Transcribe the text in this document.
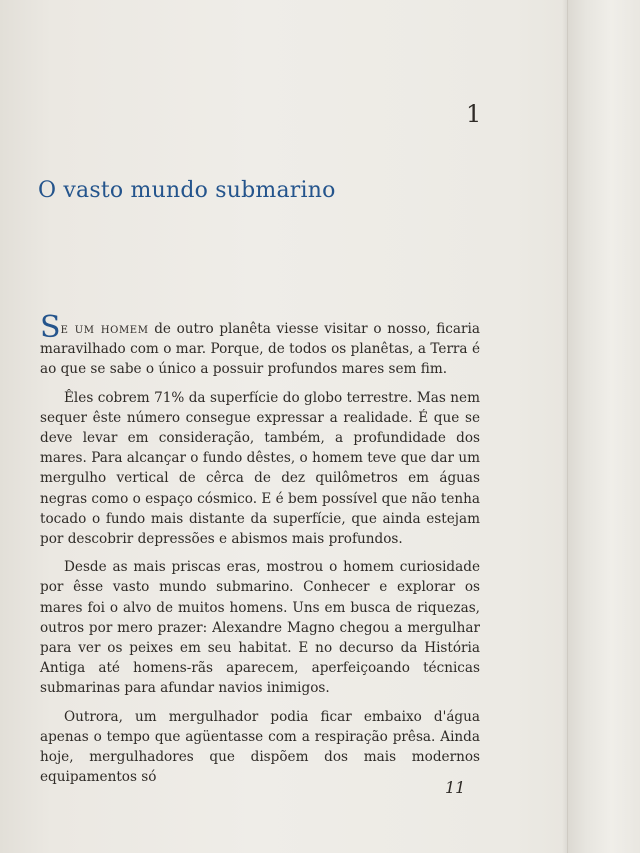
1
O vasto mundo submarino

Se um homem de outro planêta viesse visitar o nosso, ficaria maravilhado com o mar. Porque, de todos os planêtas, a Terra é ao que se sabe o único a possuir profundos mares sem fim.

Êles cobrem 71% da superfície do globo terrestre. Mas nem sequer êste número consegue expressar a realidade. É que se deve levar em consideração, também, a profundidade dos mares. Para alcançar o fundo dêstes, o homem teve que dar um mergulho vertical de cêrca de dez quilômetros em águas negras como o espaço cósmico. E é bem possível que não tenha tocado o fundo mais distante da superfície, que ainda estejam por descobrir depressões e abismos mais profundos.

Desde as mais priscas eras, mostrou o homem curiosidade por êsse vasto mundo submarino. Conhecer e explorar os mares foi o alvo de muitos homens. Uns em busca de riquezas, outros por mero prazer: Alexandre Magno chegou a mergulhar para ver os peixes em seu habitat. E no decurso da História Antiga até homens-rãs aparecem, aperfeiçoando técnicas submarinas para afundar navios inimigos.

Outrora, um mergulhador podia ficar embaixo d'água apenas o tempo que agüentasse com a respiração prêsa. Ainda hoje, mergulhadores que dispõem dos mais modernos equipamentos só

11
